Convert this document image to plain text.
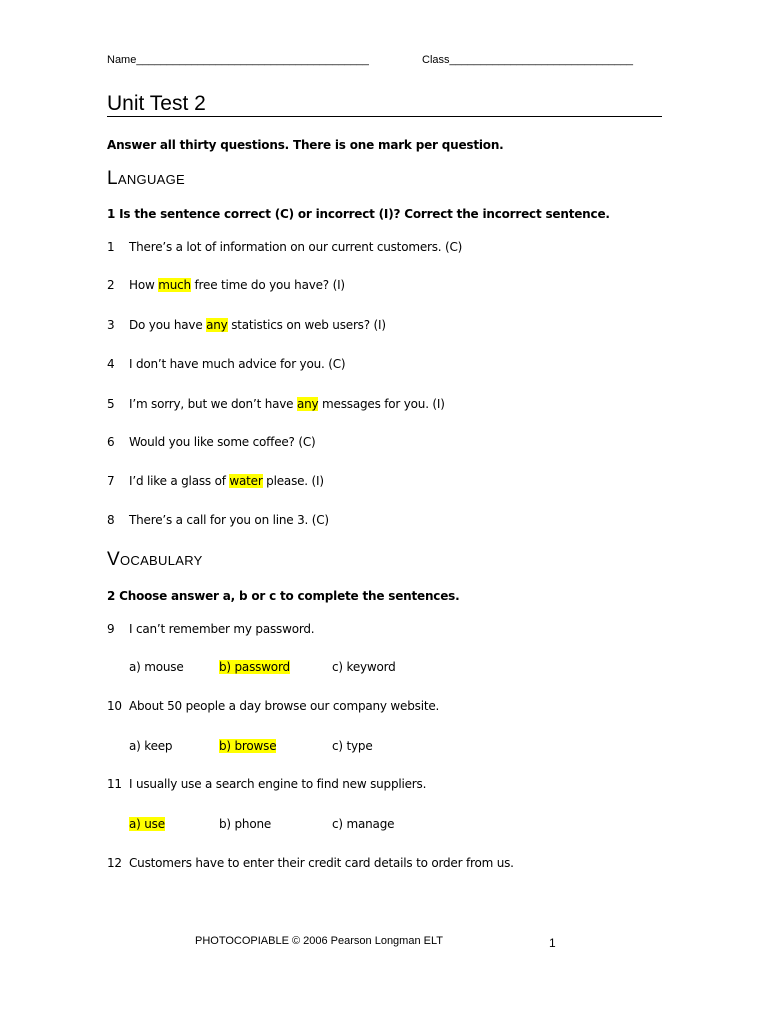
Name______________________________________	Class______________________________
Unit Test 2
Answer all thirty questions. There is one mark per question.
LANGUAGE
1 Is the sentence correct (C) or incorrect (I)? Correct the incorrect sentence.
1 There’s a lot of information on our current customers. (C)
2 How much free time do you have? (I)
3 Do you have any statistics on web users? (I)
4 I don’t have much advice for you. (C)
5 I’m sorry, but we don’t have any messages for you. (I)
6 Would you like some coffee? (C)
7 I’d like a glass of water please. (I)
8 There’s a call for you on line 3. (C)
VOCABULARY
2 Choose answer a, b or c to complete the sentences.
9 I can’t remember my password.
a) mouse	b) password	c) keyword
10 About 50 people a day browse our company website.
a) keep	b) browse	c) type
11 I usually use a search engine to find new suppliers.
a) use	b) phone	c) manage
12 Customers have to enter their credit card details to order from us.
PHOTOCOPIABLE © 2006 Pearson Longman ELT	1
